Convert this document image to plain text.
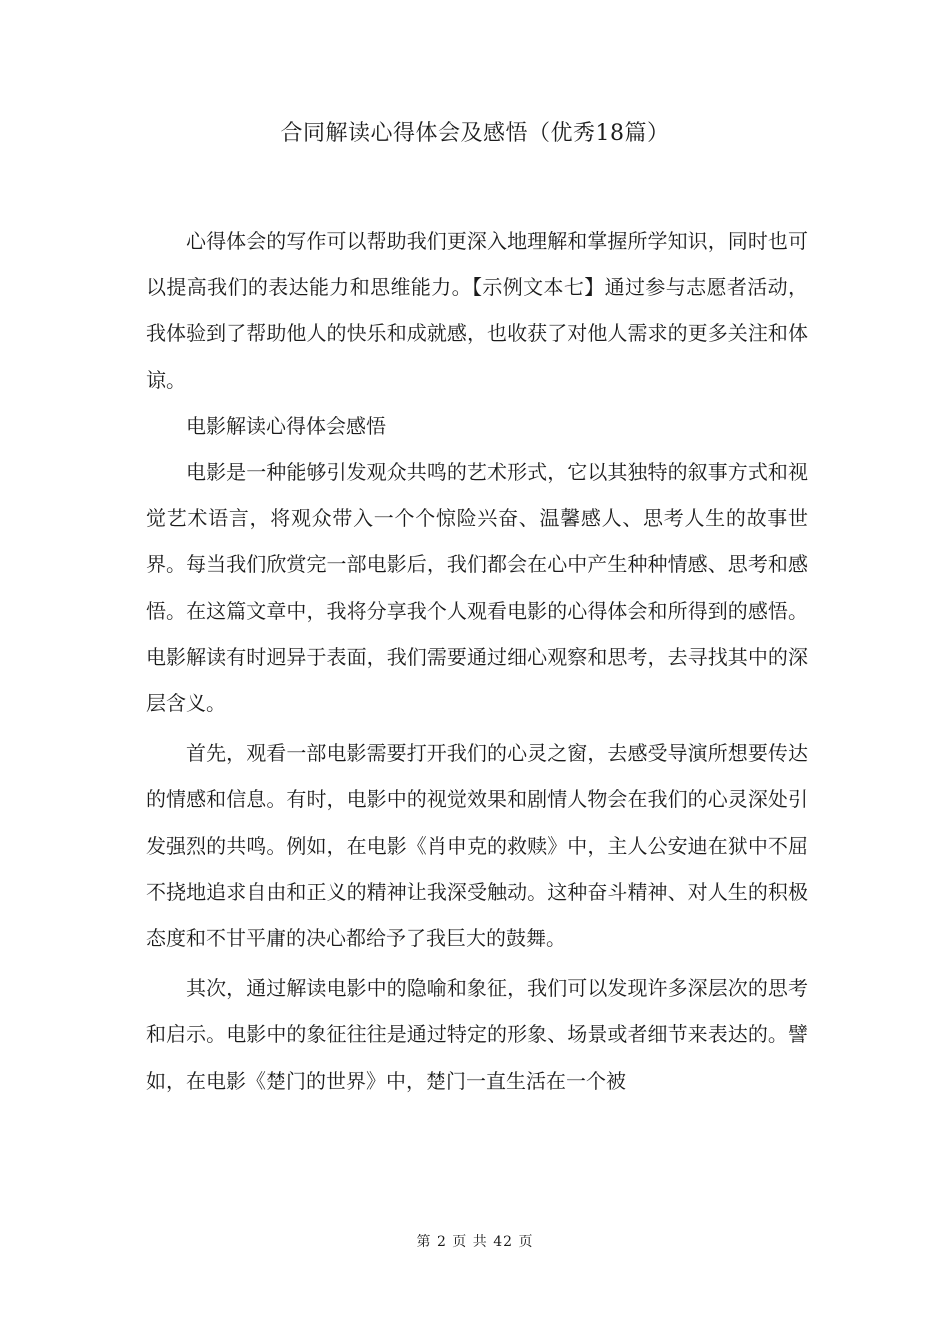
合同解读心得体会及感悟（优秀18篇）

心得体会的写作可以帮助我们更深入地理解和掌握所学知识，同时也可以提高我们的表达能力和思维能力。【示例文本七】通过参与志愿者活动，我体验到了帮助他人的快乐和成就感，也收获了对他人需求的更多关注和体谅。

电影解读心得体会感悟

电影是一种能够引发观众共鸣的艺术形式，它以其独特的叙事方式和视觉艺术语言，将观众带入一个个惊险兴奋、温馨感人、思考人生的故事世界。每当我们欣赏完一部电影后，我们都会在心中产生种种情感、思考和感悟。在这篇文章中，我将分享我个人观看电影的心得体会和所得到的感悟。电影解读有时迥异于表面，我们需要通过细心观察和思考，去寻找其中的深层含义。

首先，观看一部电影需要打开我们的心灵之窗，去感受导演所想要传达的情感和信息。有时，电影中的视觉效果和剧情人物会在我们的心灵深处引发强烈的共鸣。例如，在电影《肖申克的救赎》中，主人公安迪在狱中不屈不挠地追求自由和正义的精神让我深受触动。这种奋斗精神、对人生的积极态度和不甘平庸的决心都给予了我巨大的鼓舞。

其次，通过解读电影中的隐喻和象征，我们可以发现许多深层次的思考和启示。电影中的象征往往是通过特定的形象、场景或者细节来表达的。譬如，在电影《楚门的世界》中，楚门一直生活在一个被

第 2 页 共 42 页
